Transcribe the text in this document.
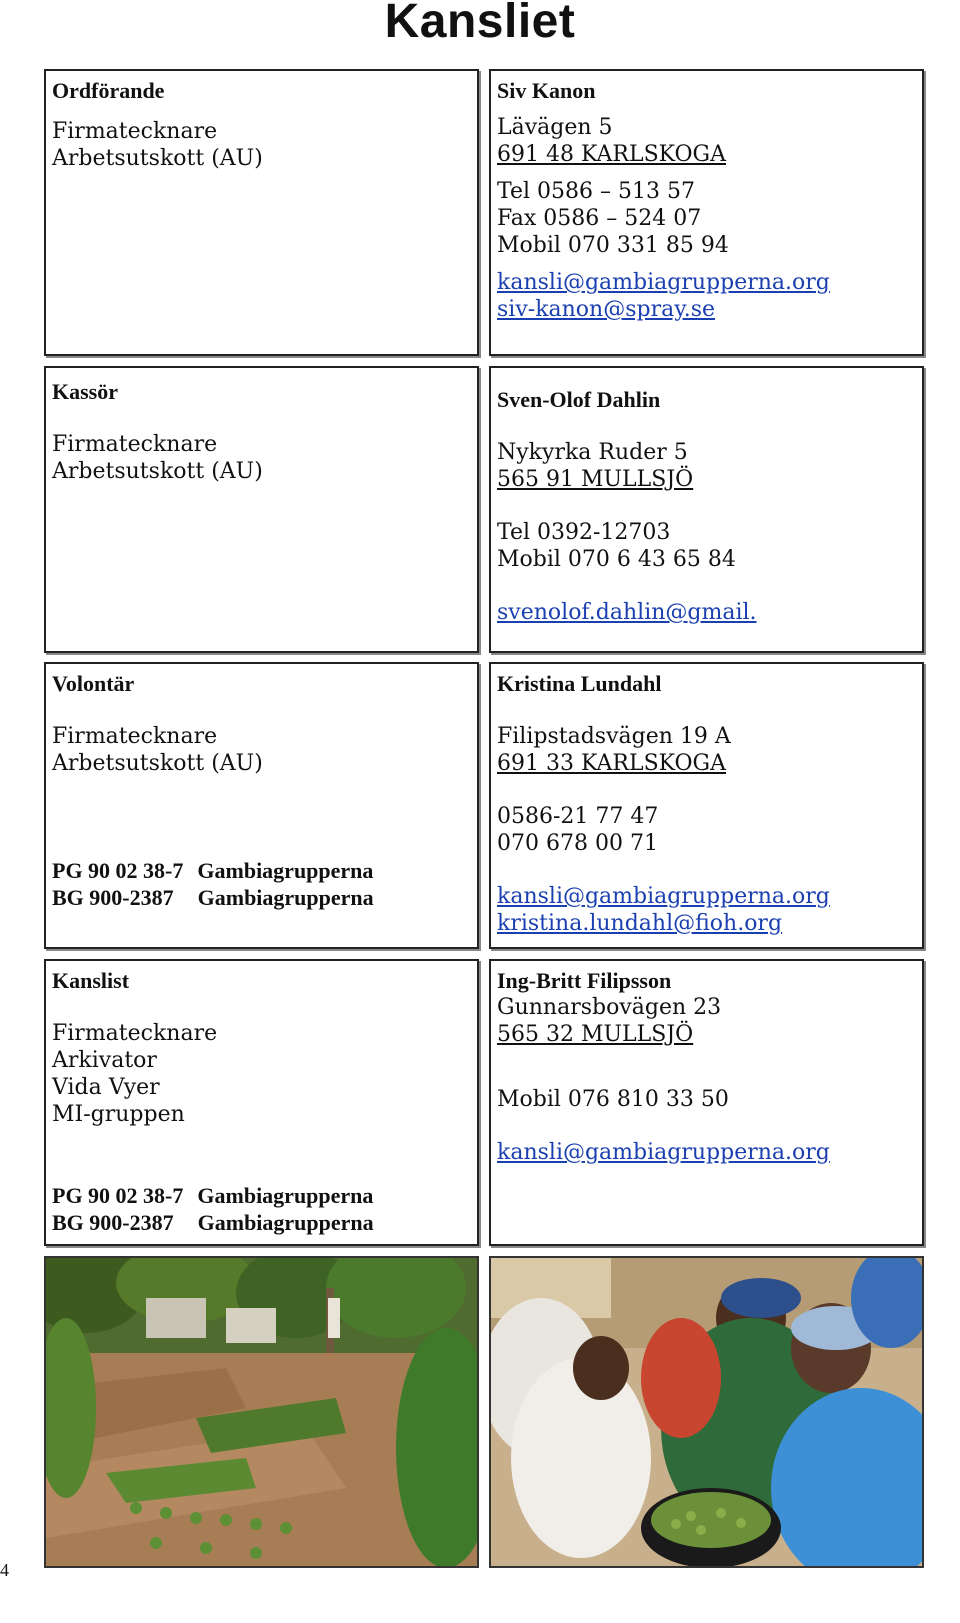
Kansliet
Ordförande
Firmatecknare
Arbetsutskott (AU)
Siv Kanon
Lävägen 5
691 48 KARLSKOGA
Tel 0586 – 513 57
Fax 0586 – 524 07
Mobil 070 331 85 94
kansli@gambiagrupperna.org
siv-kanon@spray.se
Kassör
Firmatecknare
Arbetsutskott (AU)
Sven-Olof Dahlin
Nykyrka Ruder 5
565 91 MULLSJÖ
Tel 0392-12703
Mobil 070 6 43 65 84
svenolof.dahlin@gmail.
Volontär
Firmatecknare
Arbetsutskott (AU)
PG 90 02 38-7 Gambiagrupperna
BG 900-2387 Gambiagrupperna
Kristina Lundahl
Filipstadsvägen 19 A
691 33 KARLSKOGA
0586-21 77 47
070 678 00 71
kansli@gambiagrupperna.org
kristina.lundahl@fioh.org
Kanslist
Firmatecknare
Arkivator
Vida Vyer
MI-gruppen
PG 90 02 38-7 Gambiagrupperna
BG 900-2387 Gambiagrupperna
Ing-Britt Filipsson
Gunnarsbovägen 23
565 32 MULLSJÖ
Mobil 076 810 33 50
kansli@gambiagrupperna.org
4
